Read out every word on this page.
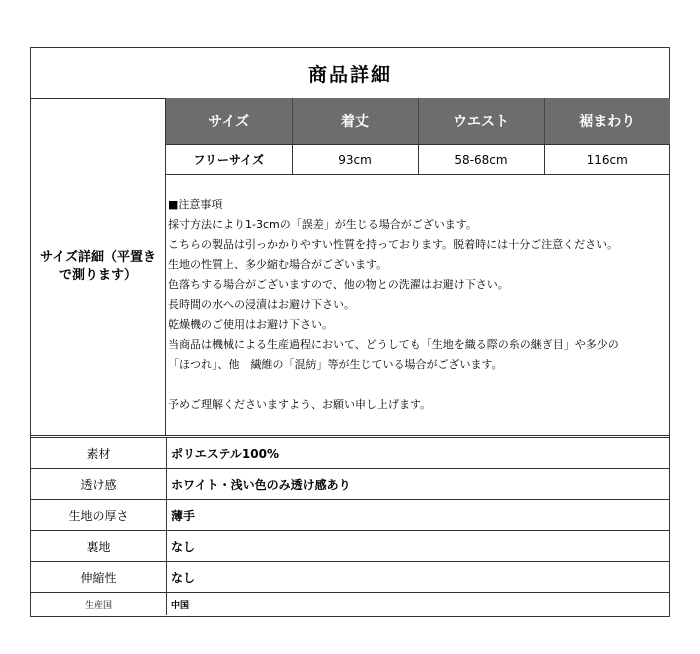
商品詳細
サイズ詳細（平置きで測ります）
サイズ	着丈	ウエスト	裾まわり
フリーサイズ	93cm	58-68cm	116cm
■注意事項
採寸方法により1-3cmの「誤差」が生じる場合がございます。
こちらの製品は引っかかりやすい性質を持っております。脱着時には十分ご注意ください。
生地の性質上、多少縮む場合がございます。
色落ちする場合がございますので、他の物との洗濯はお避け下さい。
長時間の水への浸漬はお避け下さい。
乾燥機のご使用はお避け下さい。
当商品は機械による生産過程において、どうしても「生地を織る際の糸の継ぎ目」や多少の
「ほつれ」、他　繊維の「混紡」等が生じている場合がございます。
予めご理解くださいますよう、お願い申し上げます。
素材	ポリエステル100%
透け感	ホワイト・浅い色のみ透け感あり
生地の厚さ	薄手
裏地	なし
伸縮性	なし
生産国	中国
